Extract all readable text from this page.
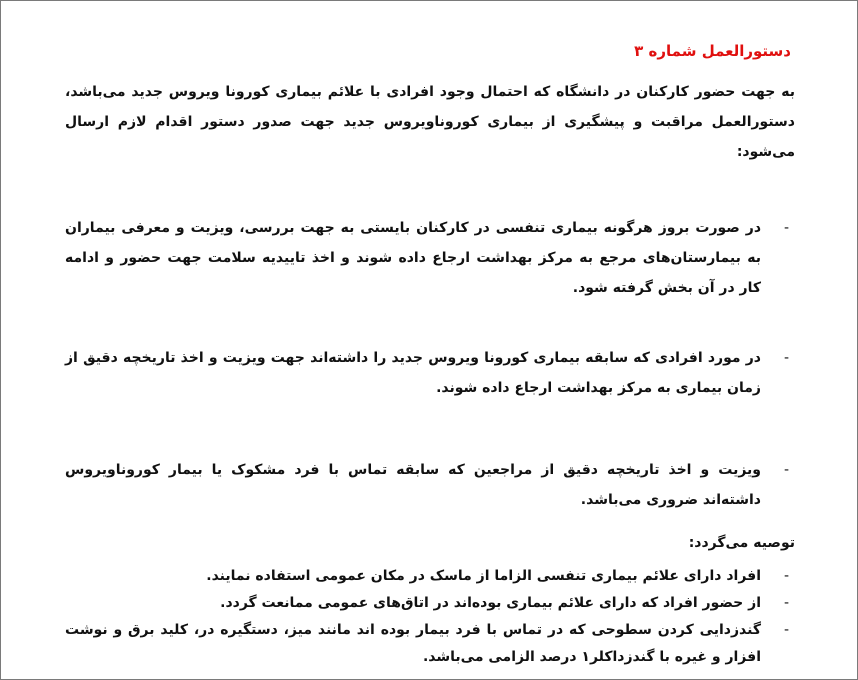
دستورالعمل شماره ۳
به جهت حضور کارکنان در دانشگاه که احتمال وجود افرادی با علائم بیماری کورونا ویروس جدید می‌باشد، دستورالعمل مراقبت و پیشگیری از بیماری کوروناویروس جدید جهت صدور دستور اقدام لازم ارسال می‌شود:
-
در صورت بروز هرگونه بیماری تنفسی در کارکنان بایستی به جهت بررسی، ویزیت و معرفی بیماران به بیمارستان‌های مرجع به مرکز بهداشت ارجاع داده شوند و اخذ تاییدیه سلامت جهت حضور و ادامه کار در آن بخش گرفته شود.
-
در مورد افرادی که سابقه بیماری کورونا ویروس جدید را داشته‌اند جهت ویزیت و اخذ تاریخچه دقیق از زمان بیماری به مرکز بهداشت ارجاع داده شوند.
-
ویزیت و اخذ تاریخچه دقیق از مراجعین که سابقه تماس با فرد مشکوک یا بیمار کوروناویروس داشته‌اند ضروری می‌باشد.
توصیه می‌گردد:
-
افراد دارای علائم بیماری تنفسی الزاما از ماسک در مکان عمومی استفاده نمایند.
-
از حضور افراد که دارای علائم بیماری بوده‌اند در اتاق‌های عمومی ممانعت گردد.
-
گندزدایی کردن سطوحی که در تماس با فرد بیمار بوده اند مانند میز، دستگیره در، کلید برق و نوشت افزار و غیره با گندزداکلر۱ درصد الزامی می‌باشد.
